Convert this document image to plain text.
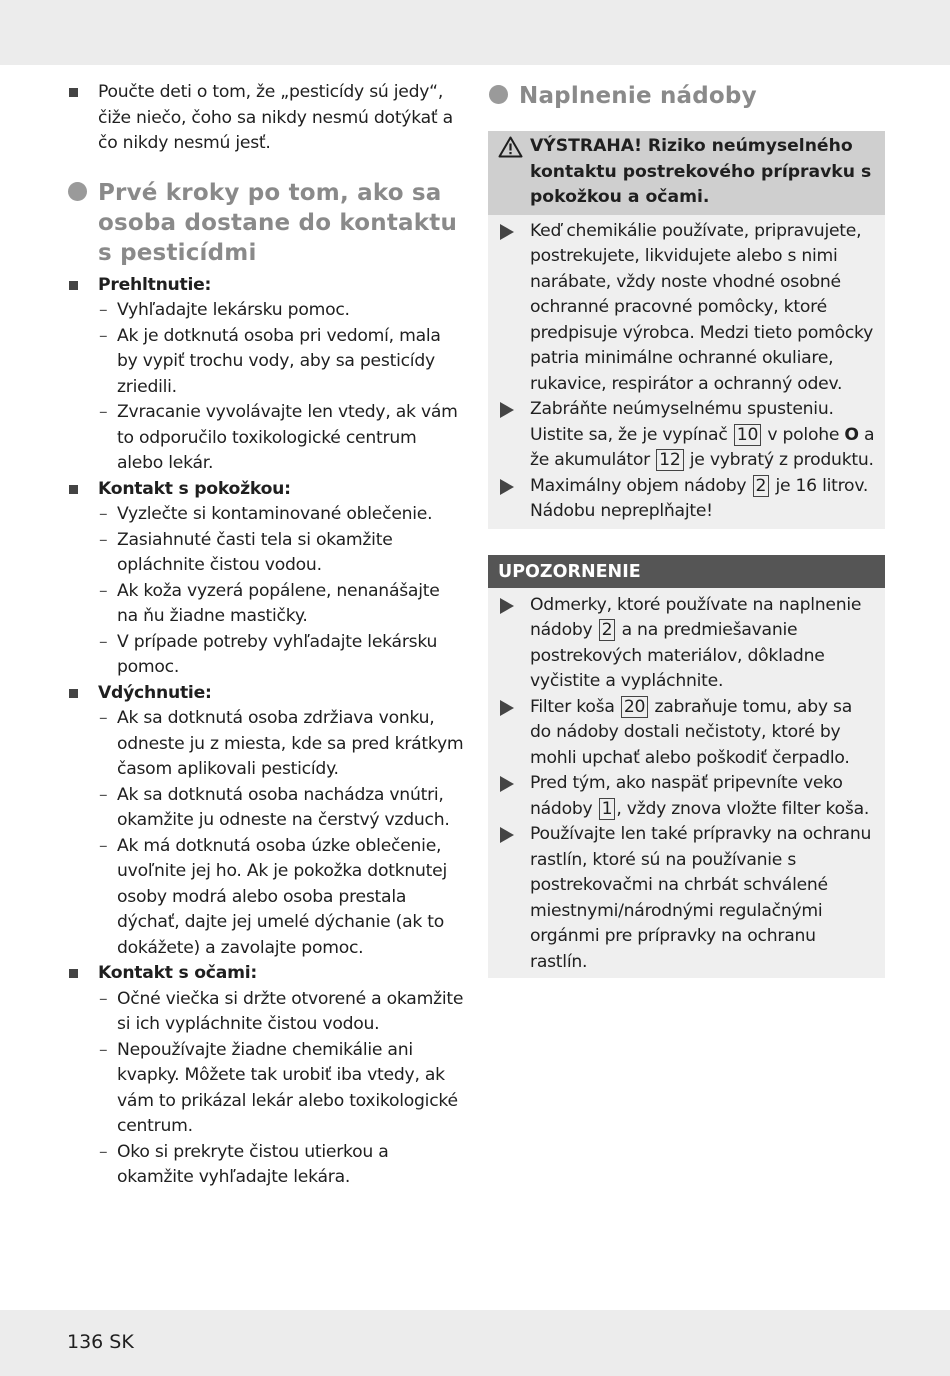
Poučte deti o tom, že „pesticídy sú jedy“, čiže niečo, čoho sa nikdy nesmú dotýkať a čo nikdy nesmú jesť.
Prvé kroky po tom, ako sa osoba dostane do kontaktu s pesticídmi
Prehltnutie:
– Vyhľadajte lekársku pomoc.
– Ak je dotknutá osoba pri vedomí, mala by vypiť trochu vody, aby sa pesticídy zriedili.
– Zvracanie vyvolávajte len vtedy, ak vám to odporučilo toxikologické centrum alebo lekár.
Kontakt s pokožkou:
– Vyzlečte si kontaminované oblečenie.
– Zasiahnuté časti tela si okamžite opláchnite čistou vodou.
– Ak koža vyzerá popálene, nenanášajte na ňu žiadne mastičky.
– V prípade potreby vyhľadajte lekársku pomoc.
Vdýchnutie:
– Ak sa dotknutá osoba zdržiava vonku, odneste ju z miesta, kde sa pred krátkym časom aplikovali pesticídy.
– Ak sa dotknutá osoba nachádza vnútri, okamžite ju odneste na čerstvý vzduch.
– Ak má dotknutá osoba úzke oblečenie, uvoľnite jej ho. Ak je pokožka dotknutej osoby modrá alebo osoba prestala dýchať, dajte jej umelé dýchanie (ak to dokážete) a zavolajte pomoc.
Kontakt s očami:
– Očné viečka si držte otvorené a okamžite si ich vypláchnite čistou vodou.
– Nepoužívajte žiadne chemikálie ani kvapky. Môžete tak urobiť iba vtedy, ak vám to prikázal lekár alebo toxikologické centrum.
– Oko si prekryte čistou utierkou a okamžite vyhľadajte lekára.
Naplnenie nádoby
VÝSTRAHA! Riziko neúmyselného kontaktu postrekového prípravku s pokožkou a očami.
Keď chemikálie používate, pripravujete, postrekujete, likvidujete alebo s nimi narábate, vždy noste vhodné osobné ochranné pracovné pomôcky, ktoré predpisuje výrobca. Medzi tieto pomôcky patria minimálne ochranné okuliare, rukavice, respirátor a ochranný odev.
Zabráňte neúmyselnému spusteniu. Uistite sa, že je vypínač 10 v polohe O a že akumulátor 12 je vybratý z produktu.
Maximálny objem nádoby 2 je 16 litrov. Nádobu nepreplňajte!
UPOZORNENIE
Odmerky, ktoré používate na naplnenie nádoby 2 a na predmiešavanie postrekových materiálov, dôkladne vyčistite a vypláchnite.
Filter koša 20 zabraňuje tomu, aby sa do nádoby dostali nečistoty, ktoré by mohli upchať alebo poškodiť čerpadlo.
Pred tým, ako naspäť pripevníte veko nádoby 1 , vždy znova vložte filter koša.
Používajte len také prípravky na ochranu rastlín, ktoré sú na používanie s postrekovačmi na chrbát schválené miestnymi/národnými regulačnými orgánmi pre prípravky na ochranu rastlín.
136 SK
